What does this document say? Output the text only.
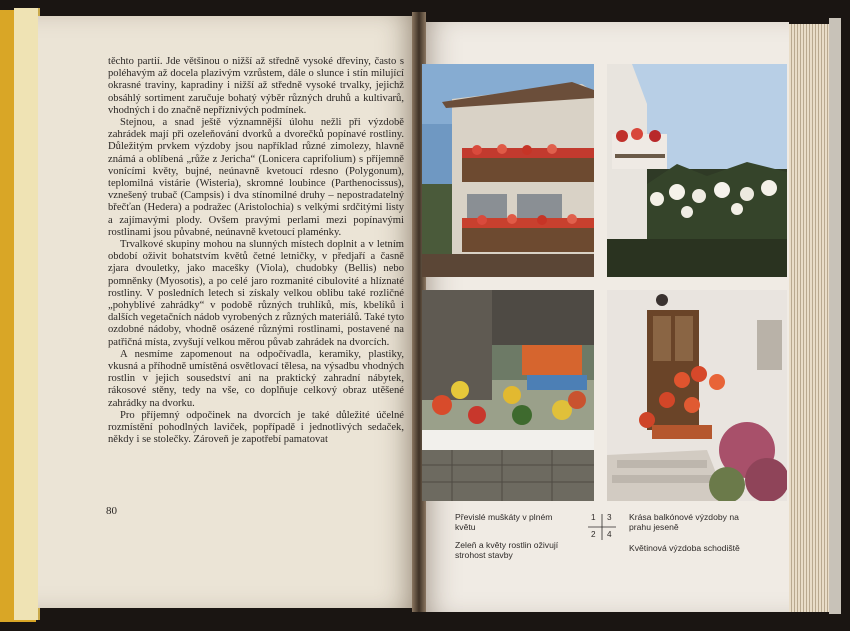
těchto partií. Jde většinou o nižší až středně vysoké dřeviny, často s poléhavým až docela plazivým vzrůstem, dále o slunce i stín milující okrasné traviny, kapradiny i nižší až středně vysoké trvalky, jejichž obsáhlý sortiment zaručuje bohatý výběr různých druhů a kultivarů, vhodných i do značně nepříznivých podmínek.

Stejnou, a snad ještě významnější úlohu nežli při výzdobě zahrádek mají při ozeleňování dvorků a dvorečků popínavé rostliny. Důležitým prvkem výzdoby jsou například různé zimolezy, hlavně známá a oblíbená „růže z Jericha“ (Lonicera caprifolium) s příjemně vonícími květy, bujné, neúnavně kvetoucí rdesno (Polygonum), teplomilná vistárie (Wisteria), skromné loubince (Parthenocissus), vznešený trubač (Campsis) i dva stínomilné druhy – nepostradatelný břečťan (Hedera) a podražec (Aristolochia) s velkými srdčitými listy a zajímavými plody. Ovšem pravými perlami mezi popínavými rostlinami jsou půvabné, neúnavně kvetoucí plaménky.

Trvalkové skupiny mohou na slunných místech doplnit a v letním období oživit bohatstvím květů četné letničky, v předjaří a časně zjara dvouletky, jako macešky (Viola), chudobky (Bellis) nebo pomněnky (Myosotis), a po celé jaro rozmanité cibulovité a hlíznaté rostliny. V posledních letech si získaly velkou oblibu také rozličné „pohyblivé zahrádky“ v podobě různých truhlíků, mís, kbelíků i dalších vegetačních nádob vyrobených z různých materiálů. Také tyto ozdobné nádoby, vhodně osázené různými rostlinami, postavené na patřičná místa, zvyšují velkou měrou půvab zahrádek na dvorcích.

A nesmíme zapomenout na odpočívadla, keramiky, plastiky, vkusná a příhodně umístěná osvětlovací tělesa, na výsadbu vhodných rostlin v jejich sousedství ani na praktický zahradní nábytek, rákosové stěny, tedy na vše, co doplňuje celkový obraz utěšené zahrádky na dvorku.

Pro příjemný odpočinek na dvorcích je také důležité účelné rozmístění pohodlných laviček, popřípadě i jednotlivých sedaček, někdy i se stolečky. Zároveň je zapotřebí pamatovat

80	Převislé muškáty v plném květu
Zeleň a květy rostlin oživují strohost stavby
Krása balkónové výzdoby na prahu jeseně
Květinová výzdoba schodiště
1 3
2 4
